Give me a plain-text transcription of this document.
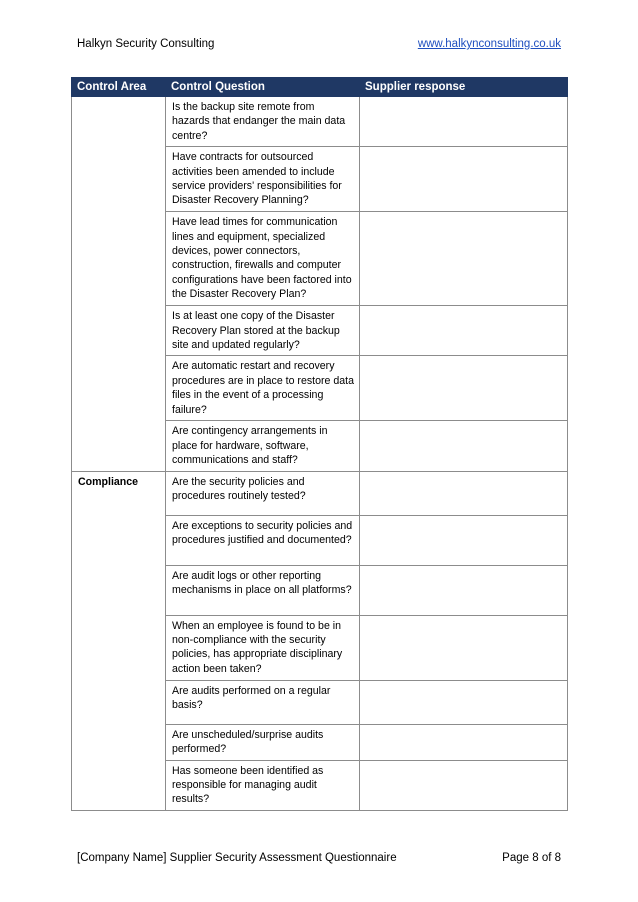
Halkyn Security Consulting	www.halkynconsulting.co.uk
Control Area	Control Question	Supplier response
	Is the backup site remote from hazards that endanger the main data centre?	
	Have contracts for outsourced activities been amended to include service providers' responsibilities for Disaster Recovery Planning?	
	Have lead times for communication lines and equipment, specialized devices, power connectors, construction, firewalls and computer configurations have been factored into the Disaster Recovery Plan?	
	Is at least one copy of the Disaster Recovery Plan stored at the backup site and updated regularly?	
	Are automatic restart and recovery procedures are in place to restore data files in the event of a processing failure?	
	Are contingency arrangements in place for hardware, software, communications and staff?	
Compliance	Are the security policies and procedures routinely tested?	
	Are exceptions to security policies and procedures justified and documented?	
	Are audit logs or other reporting mechanisms in place on all platforms?	
	When an employee is found to be in non-compliance with the security policies, has appropriate disciplinary action been taken?	
	Are audits performed on a regular basis?	
	Are unscheduled/surprise audits performed?	
	Has someone been identified as responsible for managing audit results?	
[Company Name] Supplier Security Assessment Questionnaire	Page 8 of 8
